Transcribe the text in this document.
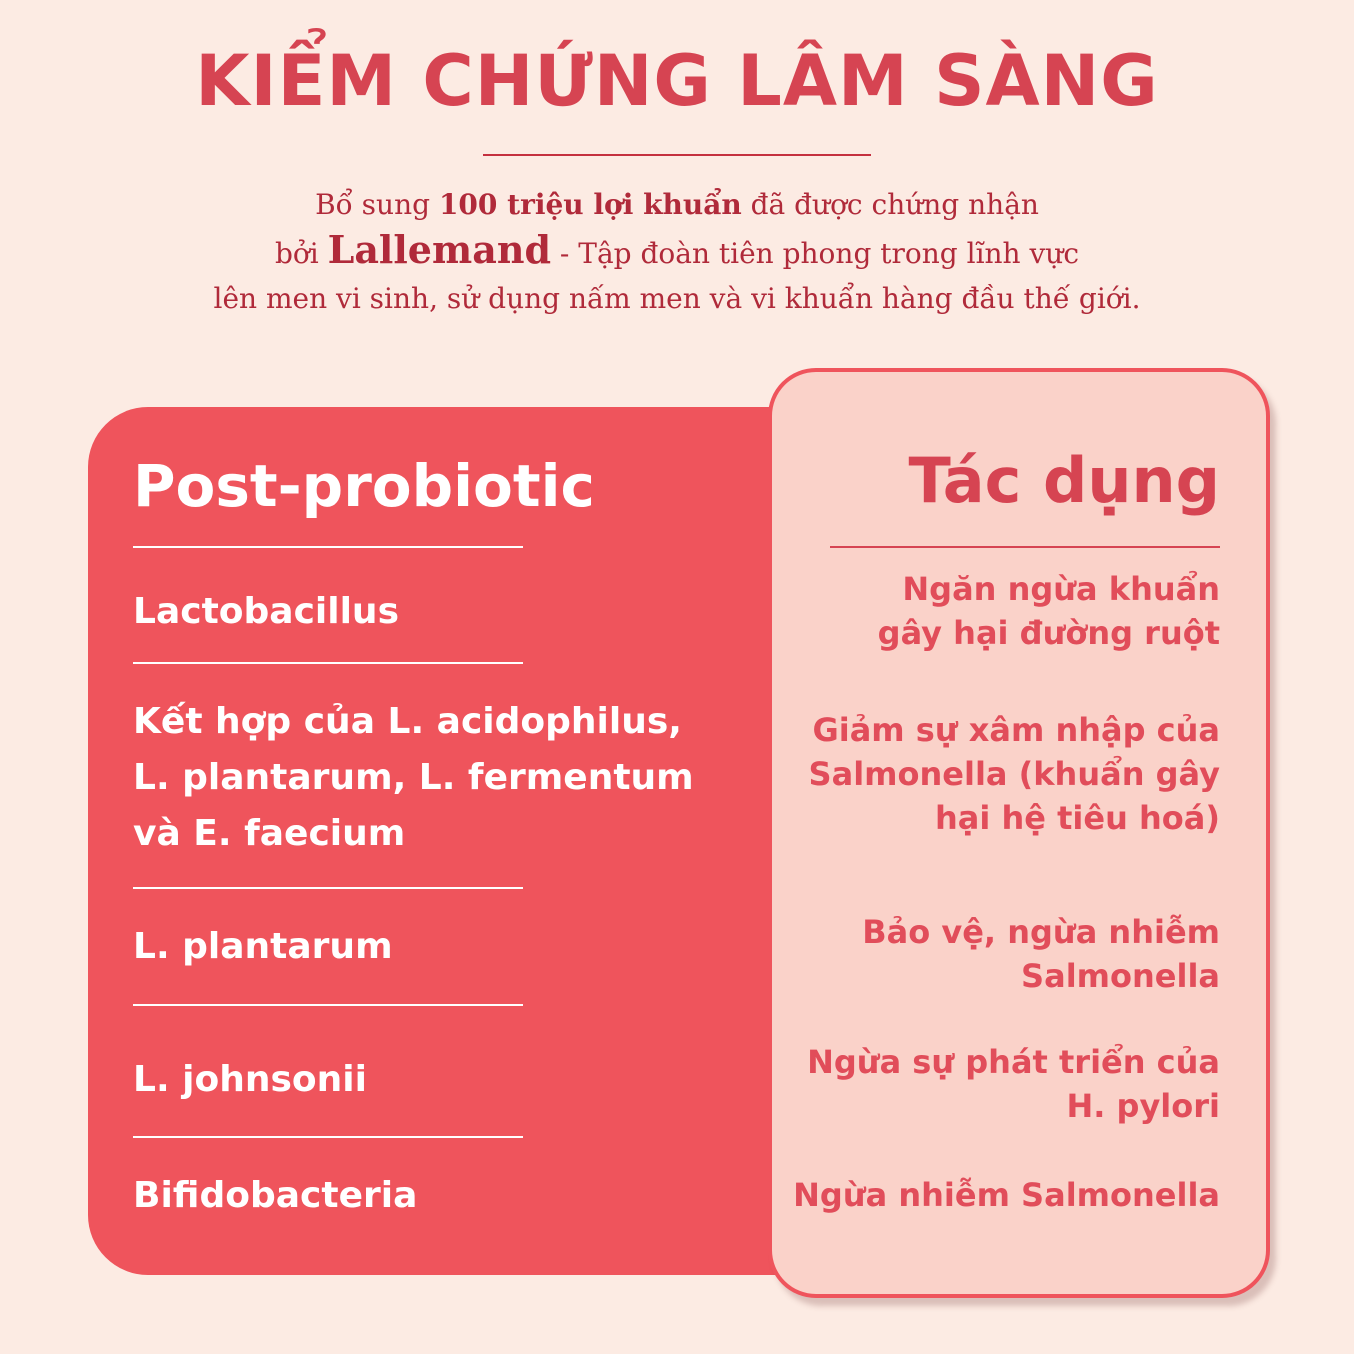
KIỂM CHỨNG LÂM SÀNG
Bổ sung 100 triệu lợi khuẩn đã được chứng nhận
bởi Lallemand - Tập đoàn tiên phong trong lĩnh vực
lên men vi sinh, sử dụng nấm men và vi khuẩn hàng đầu thế giới.
Post-probiotic
Lactobacillus
Kết hợp của L. acidophilus,
L. plantarum, L. fermentum
và E. faecium
L. plantarum
L. johnsonii
Bifidobacteria
Tác dụng
Ngăn ngừa khuẩn
gây hại đường ruột
Giảm sự xâm nhập của
Salmonella (khuẩn gây
hại hệ tiêu hoá)
Bảo vệ, ngừa nhiễm
Salmonella
Ngừa sự phát triển của
H. pylori
Ngừa nhiễm Salmonella
